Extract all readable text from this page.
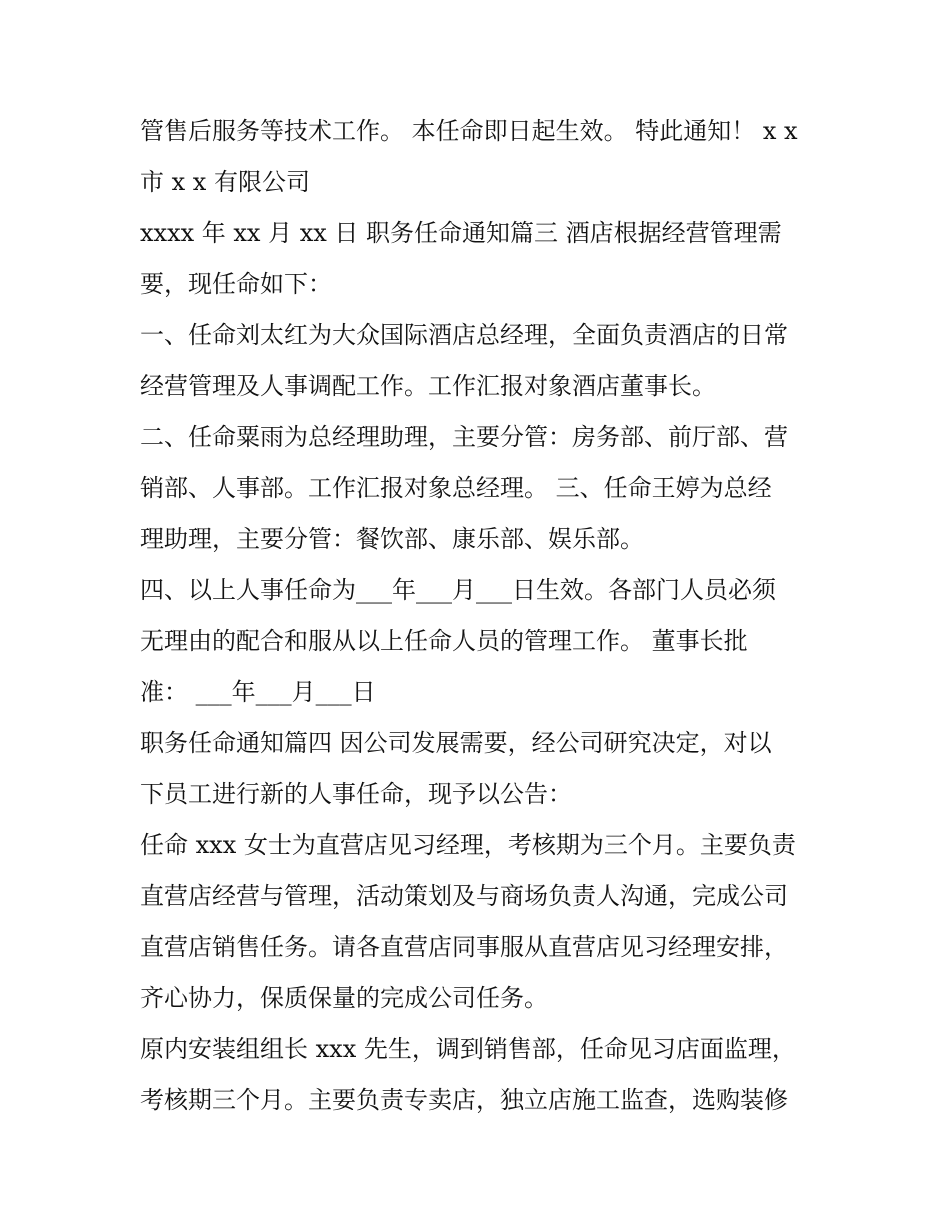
管售后服务等技术工作。 本任命即日起生效。 特此通知！ x x
市 x x 有限公司
xxxx 年 xx 月 xx 日 职务任命通知篇三 酒店根据经营管理需
要，现任命如下：
一、任命刘太红为大众国际酒店总经理，全面负责酒店的日常
经营管理及人事调配工作。工作汇报对象酒店董事长。
二、任命粟雨为总经理助理，主要分管：房务部、前厅部、营
销部、人事部。工作汇报对象总经理。 三、任命王婷为总经
理助理，主要分管：餐饮部、康乐部、娱乐部。
四、以上人事任命为___年___月___日生效。各部门人员必须
无理由的配合和服从以上任命人员的管理工作。 董事长批
准： ___年___月___日
职务任命通知篇四 因公司发展需要，经公司研究决定，对以
下员工进行新的人事任命，现予以公告：
任命 xxx 女士为直营店见习经理，考核期为三个月。主要负责
直营店经营与管理，活动策划及与商场负责人沟通，完成公司
直营店销售任务。请各直营店同事服从直营店见习经理安排，
齐心协力，保质保量的完成公司任务。
原内安装组组长 xxx 先生，调到销售部，任命见习店面监理，
考核期三个月。主要负责专卖店，独立店施工监查，选购装修
